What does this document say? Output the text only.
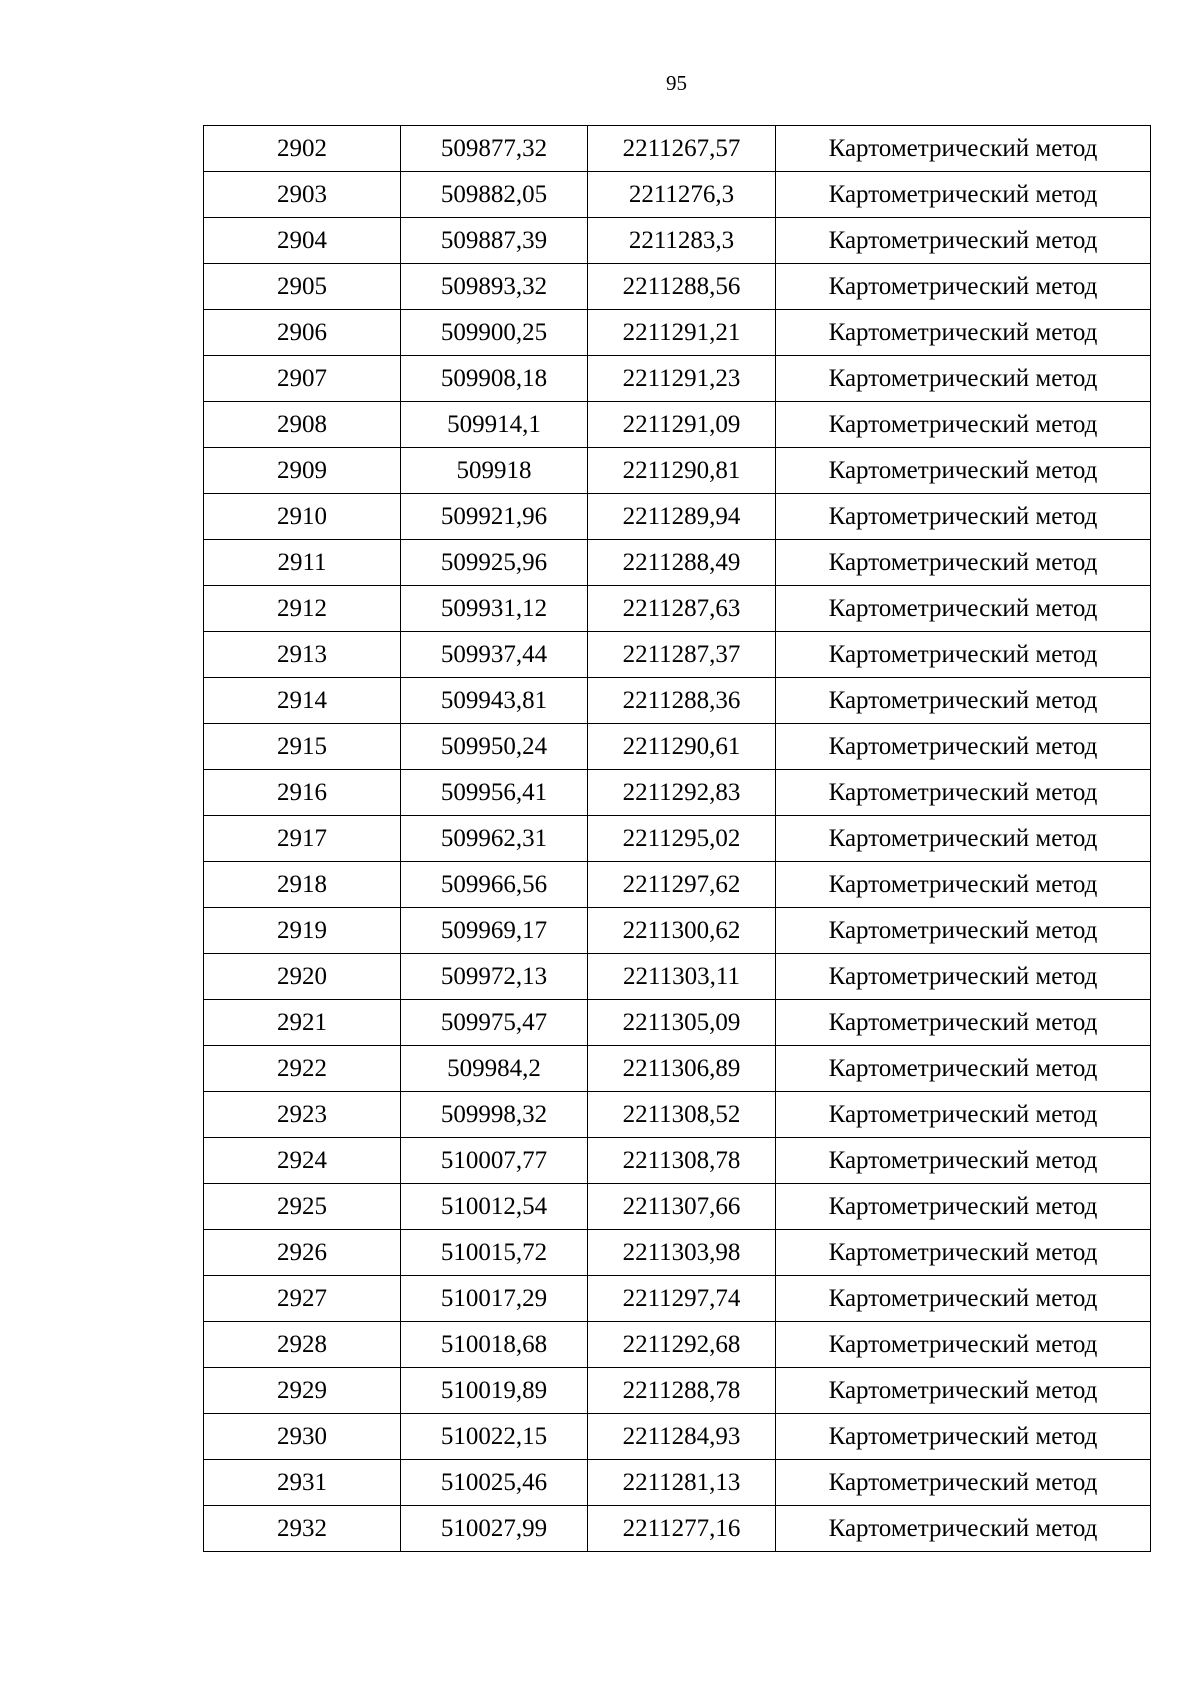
95
2902	509877,32	2211267,57	Картометрический метод
2903	509882,05	2211276,3	Картометрический метод
2904	509887,39	2211283,3	Картометрический метод
2905	509893,32	2211288,56	Картометрический метод
2906	509900,25	2211291,21	Картометрический метод
2907	509908,18	2211291,23	Картометрический метод
2908	509914,1	2211291,09	Картометрический метод
2909	509918	2211290,81	Картометрический метод
2910	509921,96	2211289,94	Картометрический метод
2911	509925,96	2211288,49	Картометрический метод
2912	509931,12	2211287,63	Картометрический метод
2913	509937,44	2211287,37	Картометрический метод
2914	509943,81	2211288,36	Картометрический метод
2915	509950,24	2211290,61	Картометрический метод
2916	509956,41	2211292,83	Картометрический метод
2917	509962,31	2211295,02	Картометрический метод
2918	509966,56	2211297,62	Картометрический метод
2919	509969,17	2211300,62	Картометрический метод
2920	509972,13	2211303,11	Картометрический метод
2921	509975,47	2211305,09	Картометрический метод
2922	509984,2	2211306,89	Картометрический метод
2923	509998,32	2211308,52	Картометрический метод
2924	510007,77	2211308,78	Картометрический метод
2925	510012,54	2211307,66	Картометрический метод
2926	510015,72	2211303,98	Картометрический метод
2927	510017,29	2211297,74	Картометрический метод
2928	510018,68	2211292,68	Картометрический метод
2929	510019,89	2211288,78	Картометрический метод
2930	510022,15	2211284,93	Картометрический метод
2931	510025,46	2211281,13	Картометрический метод
2932	510027,99	2211277,16	Картометрический метод
